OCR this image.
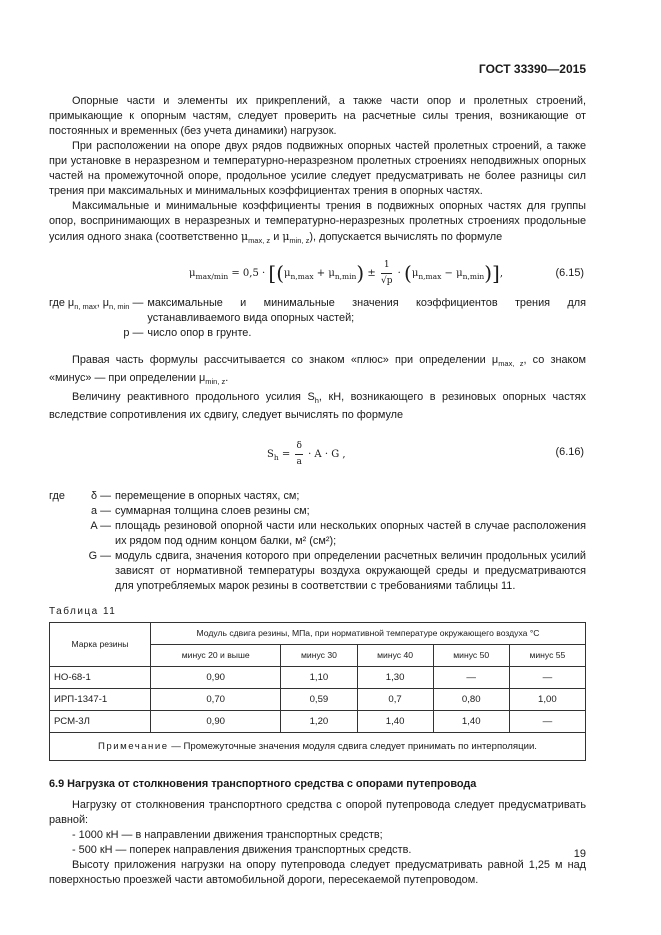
ГОСТ 33390—2015

Опорные части и элементы их прикреплений, а также части опор и пролетных строений, примыкающие к опорным частям, следует проверить на расчетные силы трения, возникающие от постоянных и временных (без учета динамики) нагрузок.

При расположении на опоре двух рядов подвижных опорных частей пролетных строений, а также при установке в неразрезном и температурно-неразрезном пролетных строениях неподвижных опорных частей на промежуточной опоре, продольное усилие следует предусматривать не более разницы сил трения при максимальных и минимальных коэффициентах трения в опорных частях.

Максимальные и минимальные коэффициенты трения в подвижных опорных частях для группы опор, воспринимающих в неразрезных и температурно-неразрезных пролетных строениях продольные усилия одного знака (соответственно $\mu_{max, z}$ и $\mu_{min, z}$), допускается вычислять по формуле

$\mu_{max/min} = 0,5 \cdot [(\mu_{n,max} + \mu_{n,min}) \pm \frac{1}{√p} \cdot (\mu_{n,max} - \mu_{n,min})]$,	(6.15)
где $\mu_{n, max}$, $\mu_{n, min}$ — максимальные и минимальные значения коэффициентов трения для устанавливаемого вида опорных частей;
p — число опор в грунте.

Правая часть формулы рассчитывается со знаком «плюс» при определении $\mu_{max, z}$, со знаком «минус» — при определении $\mu_{min, z}$.

Величину реактивного продольного усилия $S_h$, кН, возникающего в резиновых опорных частях вследствие сопротивления их сдвигу, следует вычислять по формуле

$S_h = \frac{\delta}{a} \cdot A \cdot G$ ,	(6.16)
где δ — перемещение в опорных частях, см;
a — суммарная толщина слоев резины см;
A — площадь резиновой опорной части или нескольких опорных частей в случае расположения их рядом под одним концом балки, м² (см²);
G — модуль сдвига, значения которого при определении расчетных величин продольных усилий зависят от нормативной температуры воздуха окружающей среды и предусматриваются для употребляемых марок резины в соответствии с требованиями таблицы 11.
Таблица 11
Марка резины	Модуль сдвига резины, МПа, при нормативной температуре окружающего воздуха °С				
	минус 20 и выше	минус 30	минус 40	минус 50	минус 55
НО-68-1	0,90	1,10	1,30	—	—
ИРП-1347-1	0,70	0,59	0,7	0,80	1,00
РСМ-3Л	0,90	1,20	1,40	1,40	—
Примечание — Промежуточные значения модуля сдвига следует принимать по интерполяции.					
6.9 Нагрузка от столкновения транспортного средства с опорами путепровода

Нагрузку от столкновения транспортного средства с опорой путепровода следует предусматривать равной:

- 1000 кН — в направлении движения транспортных средств;

- 500 кН — поперек направления движения транспортных средств.

Высоту приложения нагрузки на опору путепровода следует предусматривать равной 1,25 м над поверхностью проезжей части автомобильной дороги, пересекаемой путепроводом.

19
